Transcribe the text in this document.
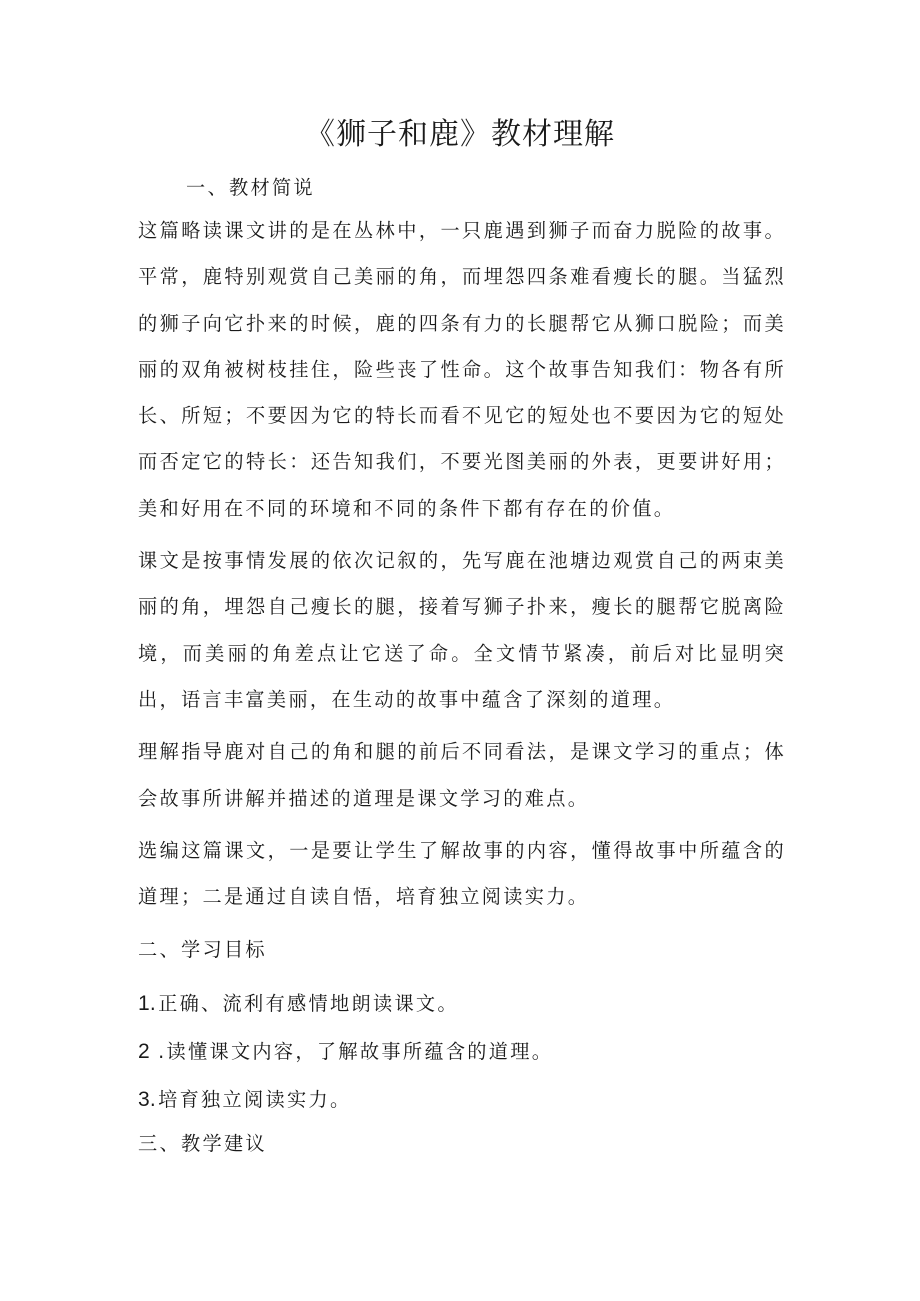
《狮子和鹿》教材理解

一、教材简说

这篇略读课文讲的是在丛林中，一只鹿遇到狮子而奋力脱险的故事。平常，鹿特别观赏自己美丽的角，而埋怨四条难看瘦长的腿。当猛烈的狮子向它扑来的时候，鹿的四条有力的长腿帮它从狮口脱险；而美丽的双角被树枝挂住，险些丧了性命。这个故事告知我们：物各有所长、所短；不要因为它的特长而看不见它的短处也不要因为它的短处而否定它的特长：还告知我们，不要光图美丽的外表，更要讲好用；美和好用在不同的环境和不同的条件下都有存在的价值。

课文是按事情发展的依次记叙的，先写鹿在池塘边观赏自己的两束美丽的角，埋怨自己瘦长的腿，接着写狮子扑来，瘦长的腿帮它脱离险境，而美丽的角差点让它送了命。全文情节紧凑，前后对比显明突出，语言丰富美丽，在生动的故事中蕴含了深刻的道理。

理解指导鹿对自己的角和腿的前后不同看法，是课文学习的重点；体会故事所讲解并描述的道理是课文学习的难点。

选编这篇课文，一是要让学生了解故事的内容，懂得故事中所蕴含的道理；二是通过自读自悟，培育独立阅读实力。

二、学习目标

1.正确、流利有感情地朗读课文。

2 .读懂课文内容，了解故事所蕴含的道理。

3.培育独立阅读实力。

三、教学建议
